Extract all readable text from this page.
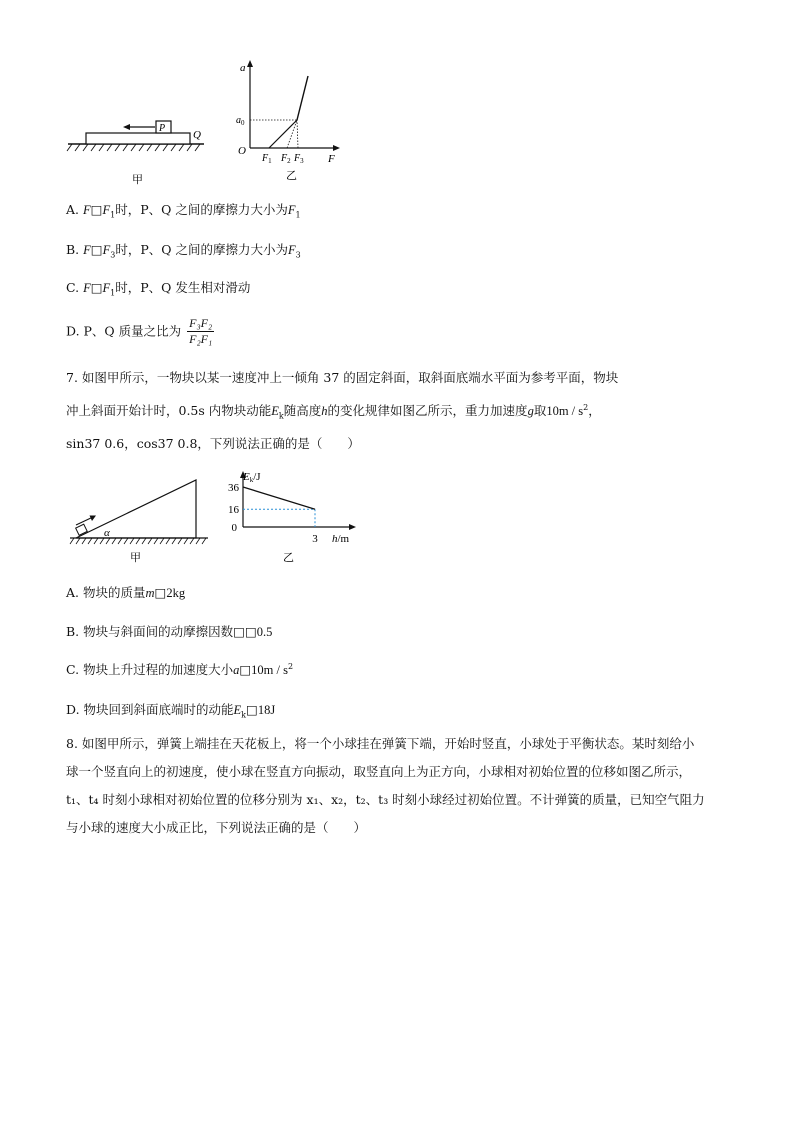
P
Q
甲
a
$a_0$
O
$F_1$ $F_2$ $F_3$ F
乙
A. $F□F_1$时，P、Q 之间的摩擦力大小为$F_1$
B. $F□F_3$时，P、Q 之间的摩擦力大小为$F_3$
C. $F□F_1$时，P、Q 发生相对滑动
D. P、Q 质量之比为 $\frac{\text{F₃F₂}}{\text{F₂F₁}}$
7. 如图甲所示，一物块以某一速度冲上一倾角 37 的固定斜面，取斜面底端水平面为参考平面，物块
冲上斜面开始计时，0.5s 内物块动能$E_k$随高度h的变化规律如图乙所示，重力加速度g取$10m / s^2$，
sin37 0.6，cos37 0.8，下列说法正确的是（　　）
α
甲
Ek/J
36
16
0
3 h/m
乙
A. 物块的质量m□2kg
B. 物块与斜面间的动摩擦因数□□0.5
C. 物块上升过程的加速度大小a□10m / $s^2$
D. 物块回到斜面底端时的动能$E_k□18J$
8. 如图甲所示，弹簧上端挂在天花板上，将一个小球挂在弹簧下端，开始时竖直，小球处于平衡状态。某时刻给小球一个竖直向上的初速度，使小球在竖直方向振动，取竖直向上为正方向，小球相对初始位置的位移如图乙所示，t₁、t₄ 时刻小球相对初始位置的位移分别为 x₁、x₂，t₂、t₃ 时刻小球经过初始位置。不计弹簧的质量，已知空气阻力与小球的速度大小成正比，下列说法正确的是（　　）
